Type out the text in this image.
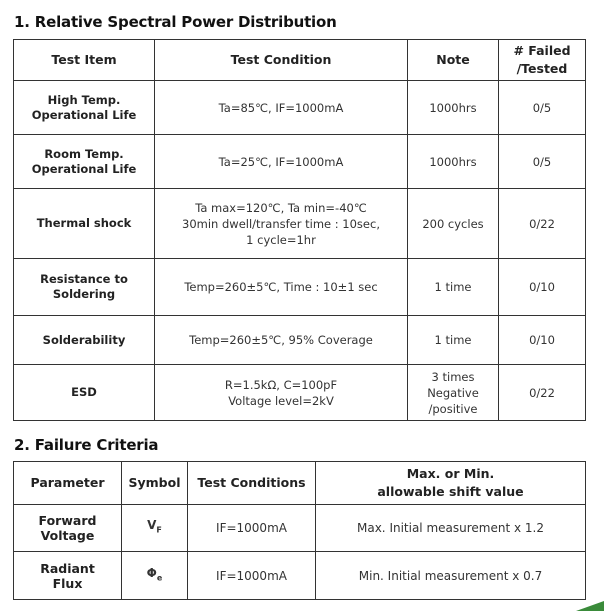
1. Relative Spectral Power Distribution
Test Item	Test Condition	Note	# Failed
/Tested
High Temp.
Operational Life	Ta=85℃, IF=1000mA	1000hrs	0/5
Room Temp.
Operational Life	Ta=25℃, IF=1000mA	1000hrs	0/5
Thermal shock	Ta max=120℃, Ta min=-40℃
30min dwell/transfer time : 10sec,
1 cycle=1hr	200 cycles	0/22
Resistance to
Soldering	Temp=260±5℃, Time : 10±1 sec	1 time	0/10
Solderability	Temp=260±5℃, 95% Coverage	1 time	0/10
ESD	R=1.5kΩ, C=100pF
Voltage level=2kV	3 times
Negative
/positive	0/22
2. Failure Criteria
Parameter	Symbol	Test Conditions	Max. or Min.
allowable shift value
Forward
Voltage	$V_F$	IF=1000mA	Max. Initial measurement x 1.2
Radiant
Flux	$\Phi_e$	IF=1000mA	Min. Initial measurement x 0.7
